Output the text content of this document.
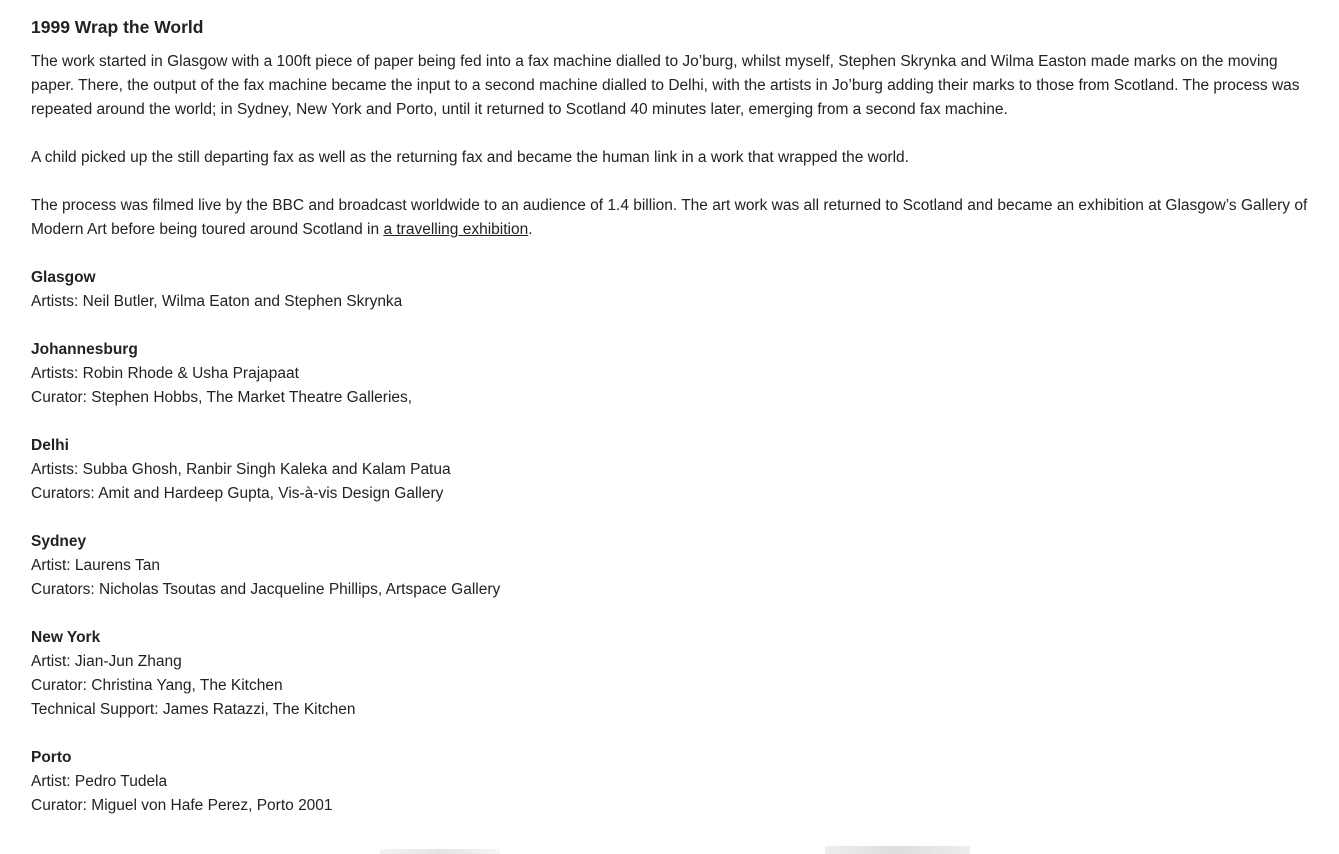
1999 Wrap the World

The work started in Glasgow with a 100ft piece of paper being fed into a fax machine dialled to Jo’burg, whilst myself, Stephen Skrynka and Wilma Easton made marks on the moving paper. There, the output of the fax machine became the input to a second machine dialled to Delhi, with the artists in Jo’burg adding their marks to those from Scotland. The process was repeated around the world; in Sydney, New York and Porto, until it returned to Scotland 40 minutes later, emerging from a second fax machine.

A child picked up the still departing fax as well as the returning fax and became the human link in a work that wrapped the world.

The process was filmed live by the BBC and broadcast worldwide to an audience of 1.4 billion. The art work was all returned to Scotland and became an exhibition at Glasgow’s Gallery of Modern Art before being toured around Scotland in a travelling exhibition.

Glasgow
Artists: Neil Butler, Wilma Eaton and Stephen Skrynka
Johannesburg
Artists: Robin Rhode & Usha Prajapaat
Curator: Stephen Hobbs, The Market Theatre Galleries,
Delhi
Artists: Subba Ghosh, Ranbir Singh Kaleka and Kalam Patua
Curators: Amit and Hardeep Gupta, Vis-à-vis Design Gallery
Sydney
Artist: Laurens Tan
Curators: Nicholas Tsoutas and Jacqueline Phillips, Artspace Gallery
New York
Artist: Jian-Jun Zhang
Curator: Christina Yang, The Kitchen
Technical Support: James Ratazzi, The Kitchen
Porto
Artist: Pedro Tudela
Curator: Miguel von Hafe Perez, Porto 2001
